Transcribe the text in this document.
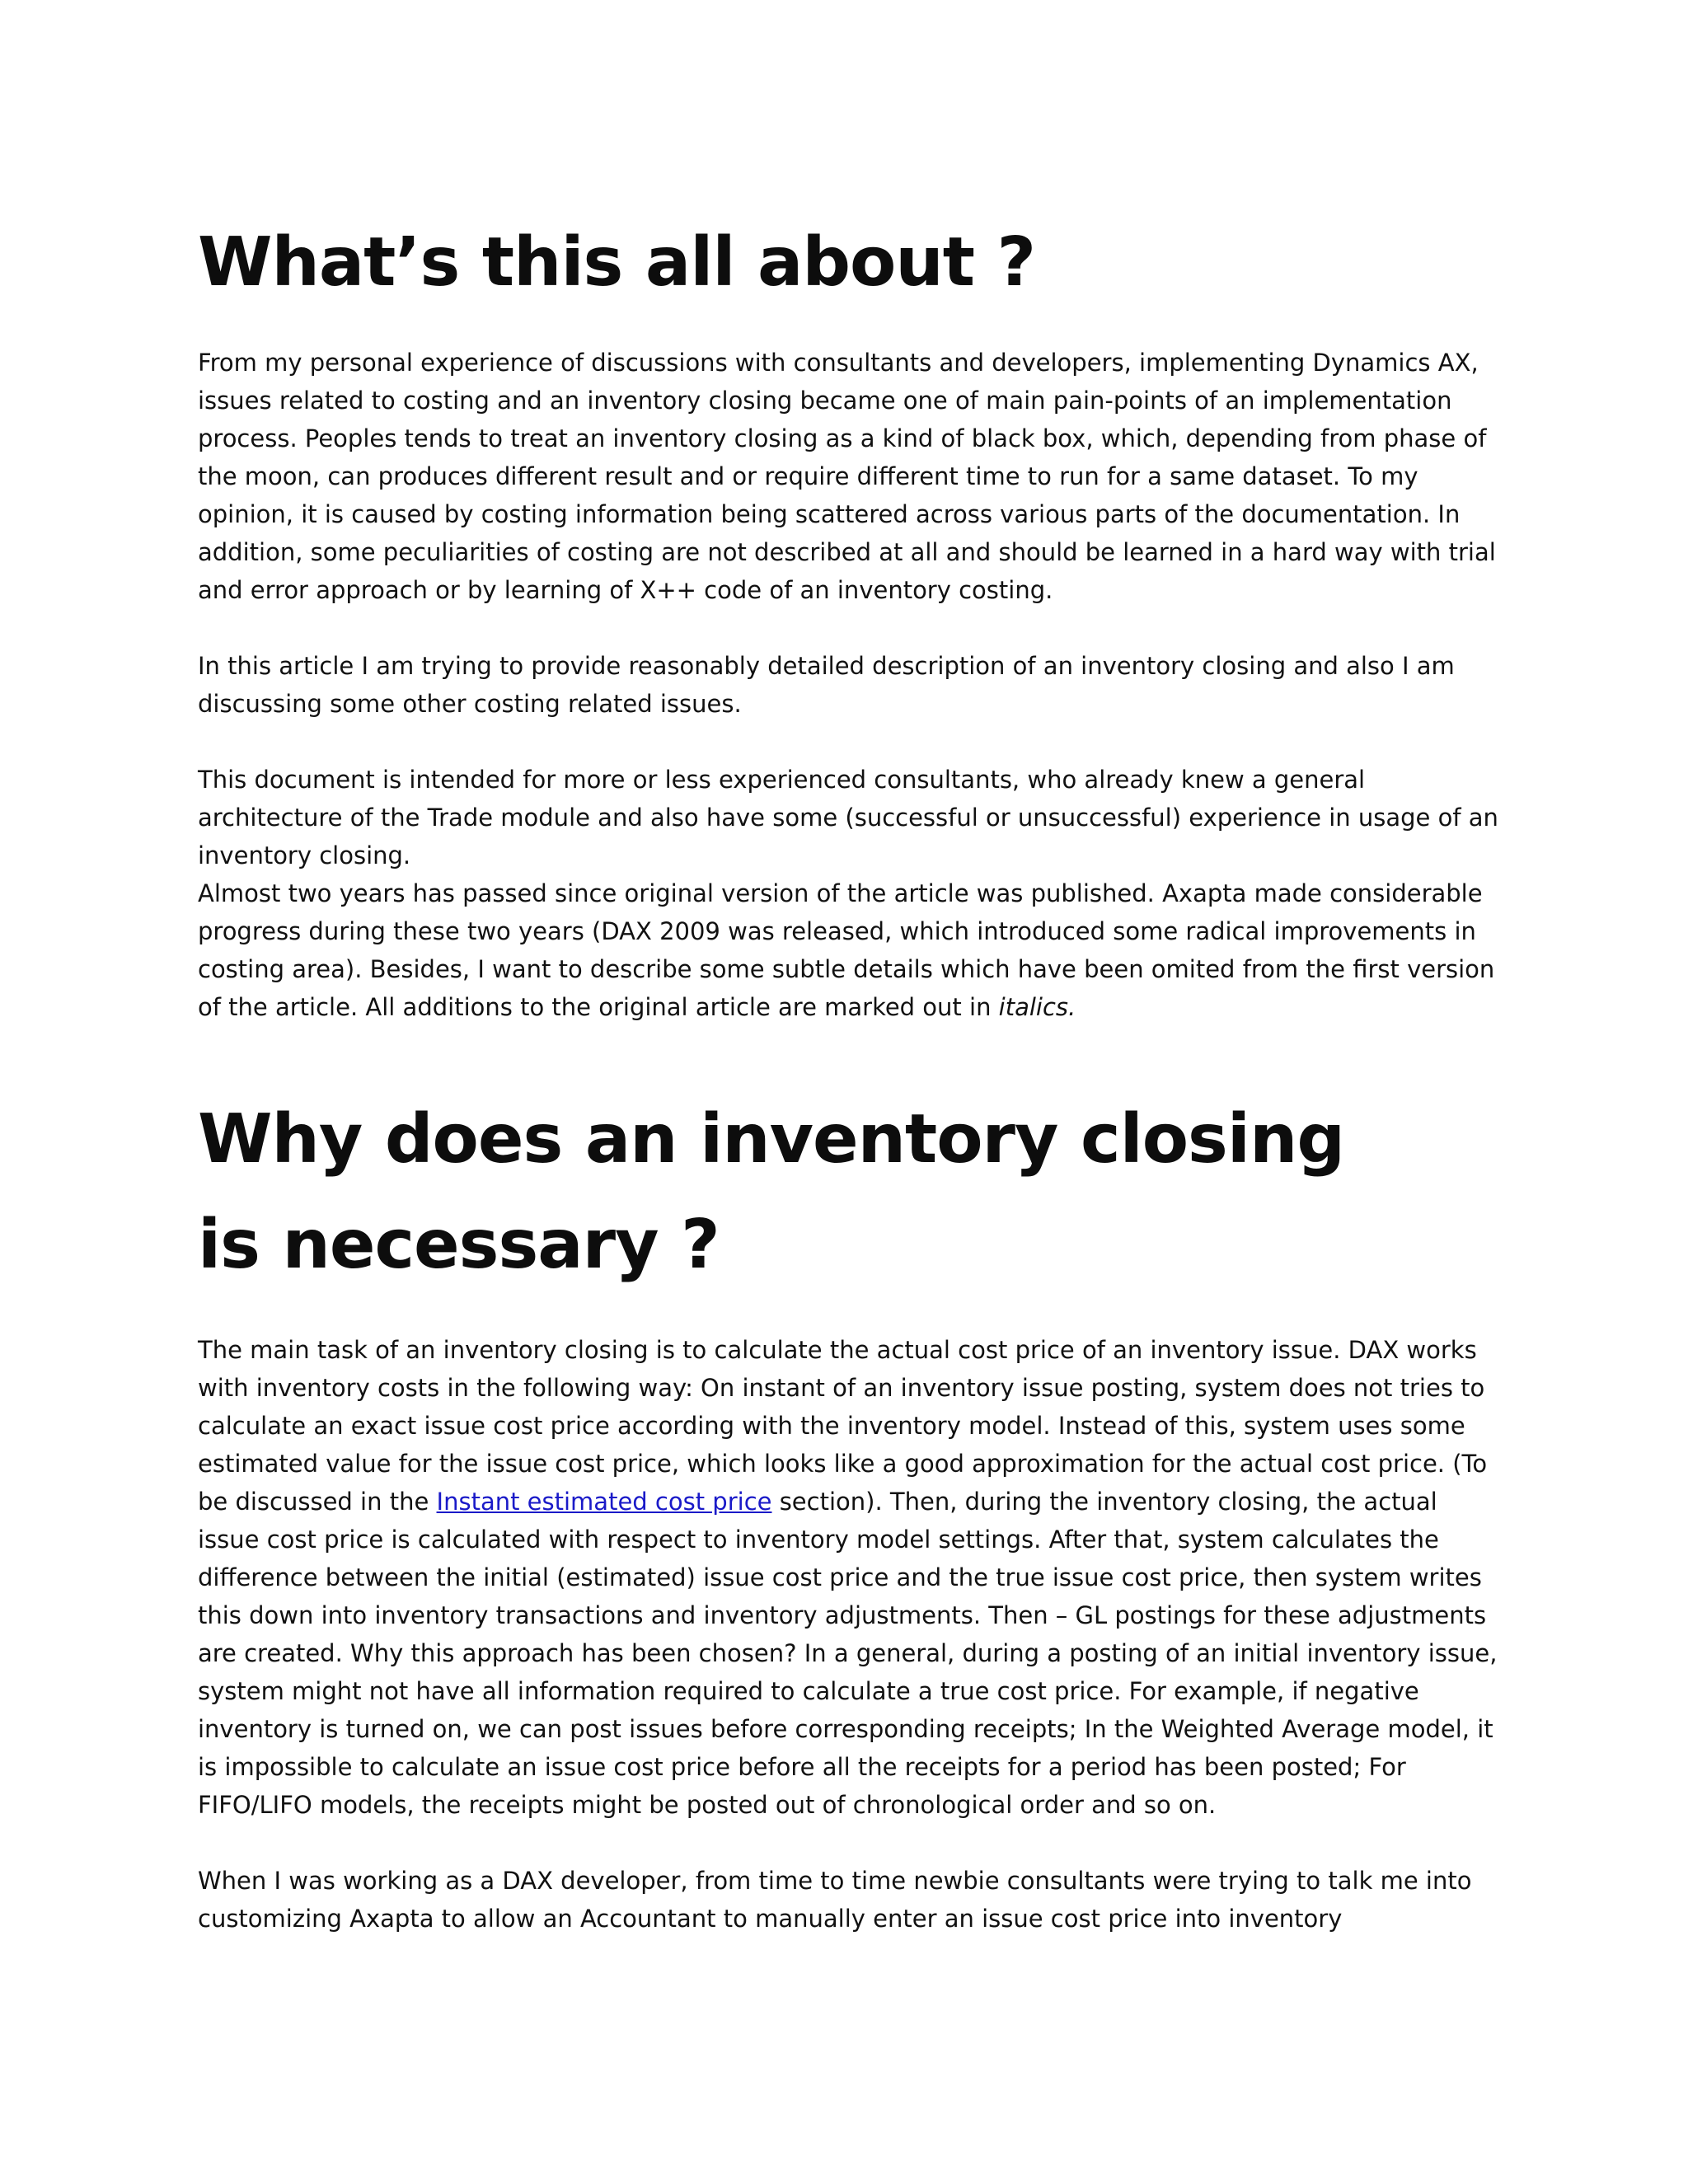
What’s this all about ?

From my personal experience of discussions with consultants and developers, implementing Dynamics AX, issues related to costing and an inventory closing became one of main pain-points of an implementation process. Peoples tends to treat an inventory closing as a kind of black box, which, depending from phase of the moon, can produces different result and or require different time to run for a same dataset. To my opinion, it is caused by costing information being scattered across various parts of the documentation. In addition, some peculiarities of costing are not described at all and should be learned in a hard way with trial and error approach or by learning of X++ code of an inventory costing.

In this article I am trying to provide reasonably detailed description of an inventory closing and also I am discussing some other costing related issues.

This document is intended for more or less experienced consultants, who already knew a general architecture of the Trade module and also have some (successful or unsuccessful) experience in usage of an inventory closing.

Almost two years has passed since original version of the article was published. Axapta made considerable progress during these two years (DAX 2009 was released, which introduced some radical improvements in costing area). Besides, I want to describe some subtle details which have been omited from the first version of the article. All additions to the original article are marked out in italics.

Why does an inventory closing is necessary ?

The main task of an inventory closing is to calculate the actual cost price of an inventory issue. DAX works with inventory costs in the following way: On instant of an inventory issue posting, system does not tries to calculate an exact issue cost price according with the inventory model. Instead of this, system uses some estimated value for the issue cost price, which looks like a good approximation for the actual cost price. (To be discussed in the Instant estimated cost price section). Then, during the inventory closing, the actual issue cost price is calculated with respect to inventory model settings. After that, system calculates the difference between the initial (estimated) issue cost price and the true issue cost price, then system writes this down into inventory transactions and inventory adjustments. Then – GL postings for these adjustments are created. Why this approach has been chosen? In a general, during a posting of an initial inventory issue, system might not have all information required to calculate a true cost price. For example, if negative inventory is turned on, we can post issues before corresponding receipts; In the Weighted Average model, it is impossible to calculate an issue cost price before all the receipts for a period has been posted; For FIFO/LIFO models, the receipts might be posted out of chronological order and so on.

When I was working as a DAX developer, from time to time newbie consultants were trying to talk me into customizing Axapta to allow an Accountant to manually enter an issue cost price into inventory
